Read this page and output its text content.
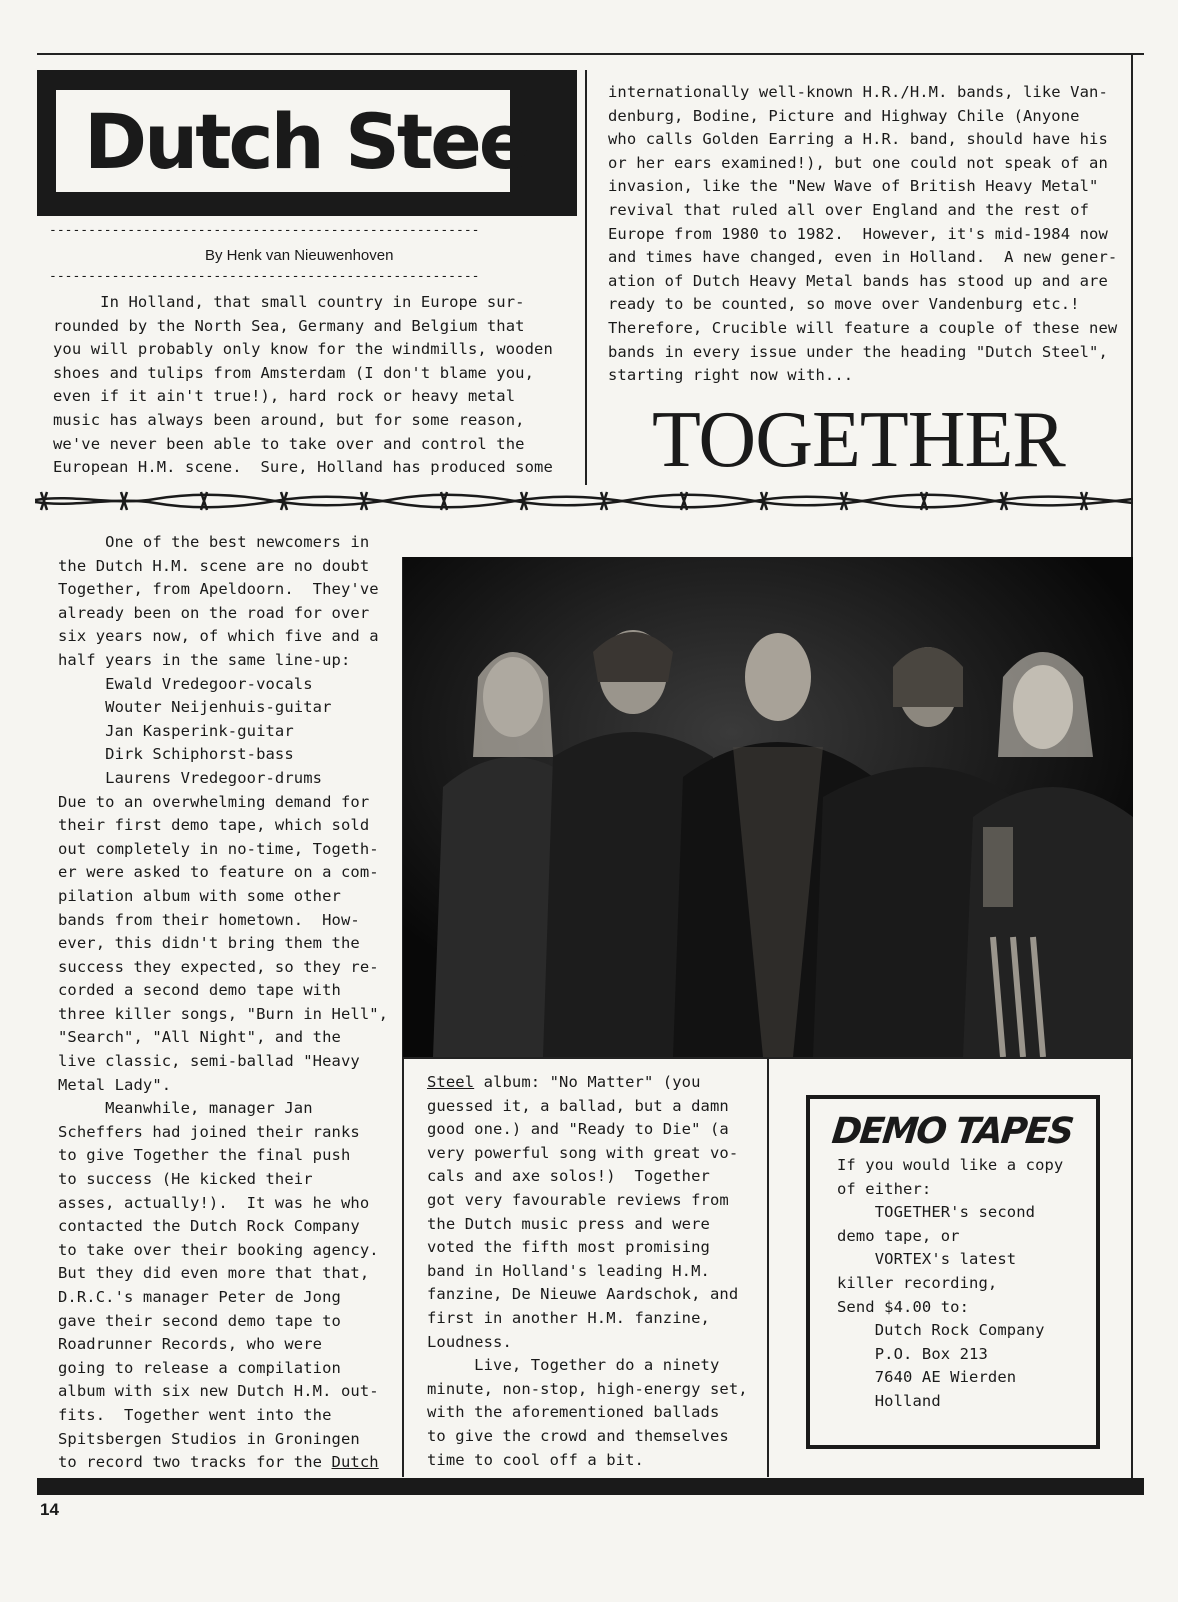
Dutch Steel
-------------------------------------------------------
By Henk van Nieuwenhoven
-------------------------------------------------------
In Holland, that small country in Europe sur-
rounded by the North Sea, Germany and Belgium that
you will probably only know for the windmills, wooden
shoes and tulips from Amsterdam (I don't blame you,
even if it ain't true!), hard rock or heavy metal
music has always been around, but for some reason,
we've never been able to take over and control the
European H.M. scene.  Sure, Holland has produced some
internationally well-known H.R./H.M. bands, like Van-
denburg, Bodine, Picture and Highway Chile (Anyone
who calls Golden Earring a H.R. band, should have his
or her ears examined!), but one could not speak of an
invasion, like the "New Wave of British Heavy Metal"
revival that ruled all over England and the rest of
Europe from 1980 to 1982.  However, it's mid-1984 now
and times have changed, even in Holland.  A new gener-
ation of Dutch Heavy Metal bands has stood up and are
ready to be counted, so move over Vandenburg etc.!
Therefore, Crucible will feature a couple of these new
bands in every issue under the heading "Dutch Steel",
starting right now with...
TOGETHER
One of the best newcomers in
the Dutch H.M. scene are no doubt
Together, from Apeldoorn.  They've
already been on the road for over
six years now, of which five and a
half years in the same line-up:
Ewald Vredegoor-vocals
Wouter Neijenhuis-guitar
Jan Kasperink-guitar
Dirk Schiphorst-bass
Laurens Vredegoor-drums
Due to an overwhelming demand for
their first demo tape, which sold
out completely in no-time, Togeth-
er were asked to feature on a com-
pilation album with some other
bands from their hometown.  How-
ever, this didn't bring them the
success they expected, so they re-
corded a second demo tape with
three killer songs, "Burn in Hell",
"Search", "All Night", and the
live classic, semi-ballad "Heavy
Metal Lady".
Meanwhile, manager Jan
Scheffers had joined their ranks
to give Together the final push
to success (He kicked their
asses, actually!).  It was he who
contacted the Dutch Rock Company
to take over their booking agency.
But they did even more that that,
D.R.C.'s manager Peter de Jong
gave their second demo tape to
Roadrunner Records, who were
going to release a compilation
album with six new Dutch H.M. out-
fits.  Together went into the
Spitsbergen Studios in Groningen
to record two tracks for the Dutch
Steel album: "No Matter" (you
guessed it, a ballad, but a damn
good one.) and "Ready to Die" (a
very powerful song with great vo-
cals and axe solos!)  Together
got very favourable reviews from
the Dutch music press and were
voted the fifth most promising
band in Holland's leading H.M.
fanzine, De Nieuwe Aardschok, and
first in another H.M. fanzine,
Loudness.
Live, Together do a ninety
minute, non-stop, high-energy set,
with the aforementioned ballads
to give the crowd and themselves
time to cool off a bit.
DEMO TAPES
If you would like a copy
of either:
TOGETHER's second
demo tape, or
VORTEX's latest
killer recording,
Send $4.00 to:
Dutch Rock Company
P.O. Box 213
7640 AE Wierden
Holland
14
